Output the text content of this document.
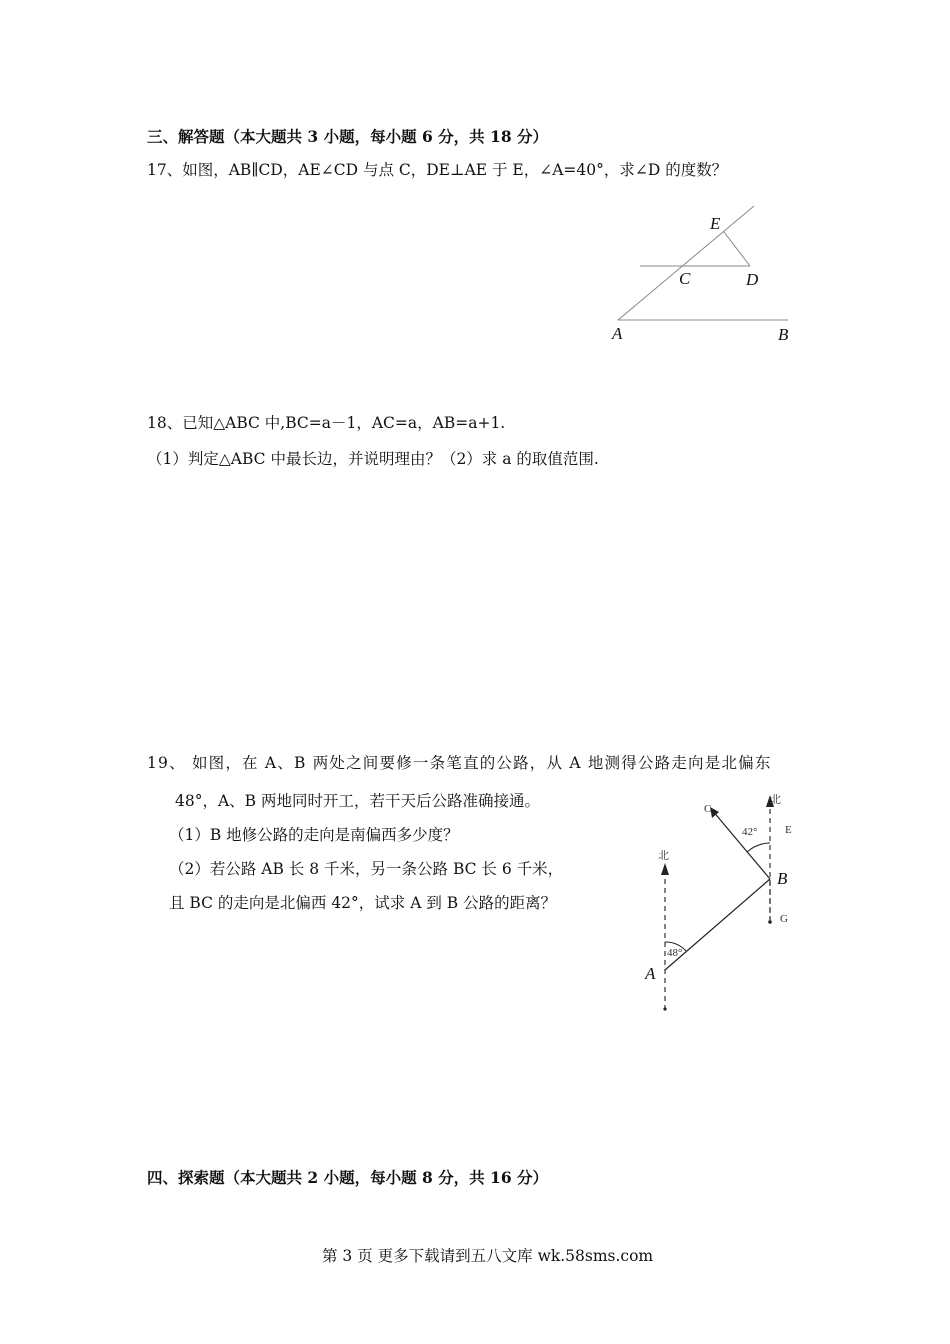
三、解答题（本大题共 3 小题，每小题 6 分，共 18 分）
17、如图，AB∥CD，AE∠CD 与点 C，DE⊥AE 于 E，∠A=40°，求∠D 的度数？
E
C	D
A	B
18、已知△ABC 中,BC=a－1，AC=a，AB=a+1.
（1）判定△ABC 中最长边，并说明理由？（2）求 a 的取值范围.
19、 如图，在 A、B 两处之间要修一条笔直的公路，从 A 地测得公路走向是北偏东
48°，A、B 两地同时开工，若干天后公路准确接通。
（1）B 地修公路的走向是南偏西多少度？
（2）若公路 AB 长 8 千米，另一条公路 BC 长 6 千米，
且 BC 的走向是北偏西 42°，试求 A 到 B 公路的距离？
北
北
C
E
G
42°
48°
B
A
四、探索题（本大题共 2 小题，每小题 8 分，共 16 分）
第 3 页 更多下载请到五八文库 wk.58sms.com
